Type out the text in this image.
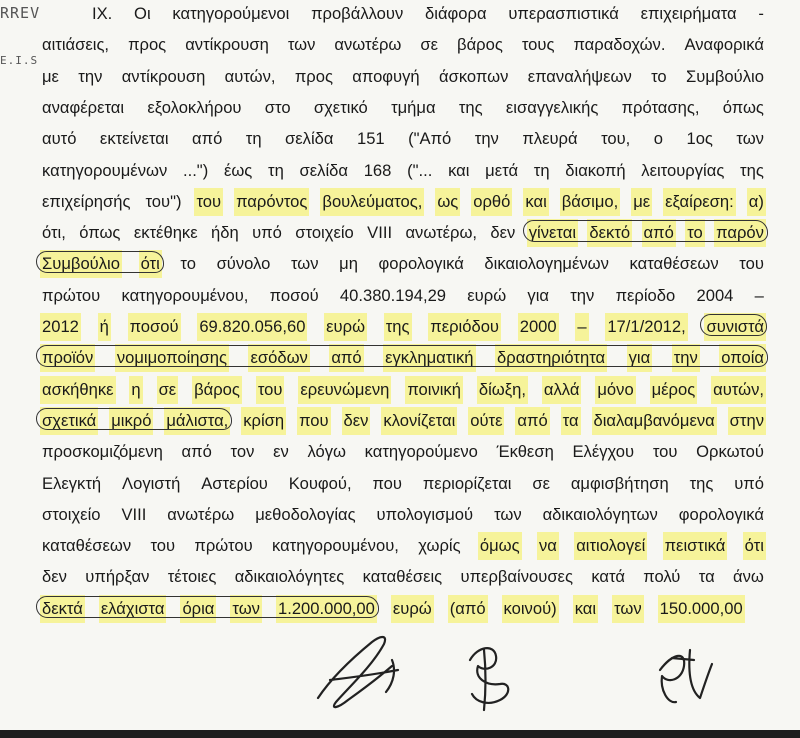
RREV
E.I.S
IX. Οι κατηγορούμενοι προβάλλουν διάφορα υπερασπιστικά επιχειρήματα -
αιτιάσεις, προς αντίκρουση των ανωτέρω σε βάρος τους παραδοχών. Αναφορικά
με την αντίκρουση αυτών, προς αποφυγή άσκοπων επαναλήψεων το Συμβούλιο
αναφέρεται εξολοκλήρου στο σχετικό τμήμα της εισαγγελικής πρότασης, όπως
αυτό εκτείνεται από τη σελίδα 151 ("Από την πλευρά του, ο 1ος των
κατηγορουμένων ...") έως τη σελίδα 168 ("... και μετά τη διακοπή λειτουργίας της
επιχείρησής του") του παρόντος βουλεύματος, ως ορθό και βάσιμο, με εξαίρεση: α)
ότι, όπως εκτέθηκε ήδη υπό στοιχείο VIII ανωτέρω, δεν γίνεται δεκτό από το παρόν
Συμβούλιο ότι το σύνολο των μη φορολογικά δικαιολογημένων καταθέσεων του
πρώτου κατηγορουμένου, ποσού 40.380.194,29 ευρώ για την περίοδο 2004 –
2012 ή ποσού 69.820.056,60 ευρώ της περιόδου 2000 – 17/1/2012, συνιστά
προϊόν νομιμοποίησης εσόδων από εγκληματική δραστηριότητα για την οποία
ασκήθηκε η σε βάρος του ερευνώμενη ποινική δίωξη, αλλά μόνο μέρος αυτών,
σχετικά μικρό μάλιστα, κρίση που δεν κλονίζεται ούτε από τα διαλαμβανόμενα στην
προσκομιζόμενη από τον εν λόγω κατηγορούμενο Έκθεση Ελέγχου του Ορκωτού
Ελεγκτή Λογιστή Αστερίου Κουφού, που περιορίζεται σε αμφισβήτηση της υπό
στοιχείο VIII ανωτέρω μεθοδολογίας υπολογισμού των αδικαιολόγητων φορολογικά
καταθέσεων του πρώτου κατηγορουμένου, χωρίς όμως να αιτιολογεί πειστικά ότι
δεν υπήρξαν τέτοιες αδικαιολόγητες καταθέσεις υπερβαίνουσες κατά πολύ τα άνω
δεκτά ελάχιστα όρια των 1.200.000,00 ευρώ (από κοινού) και των 150.000,00
